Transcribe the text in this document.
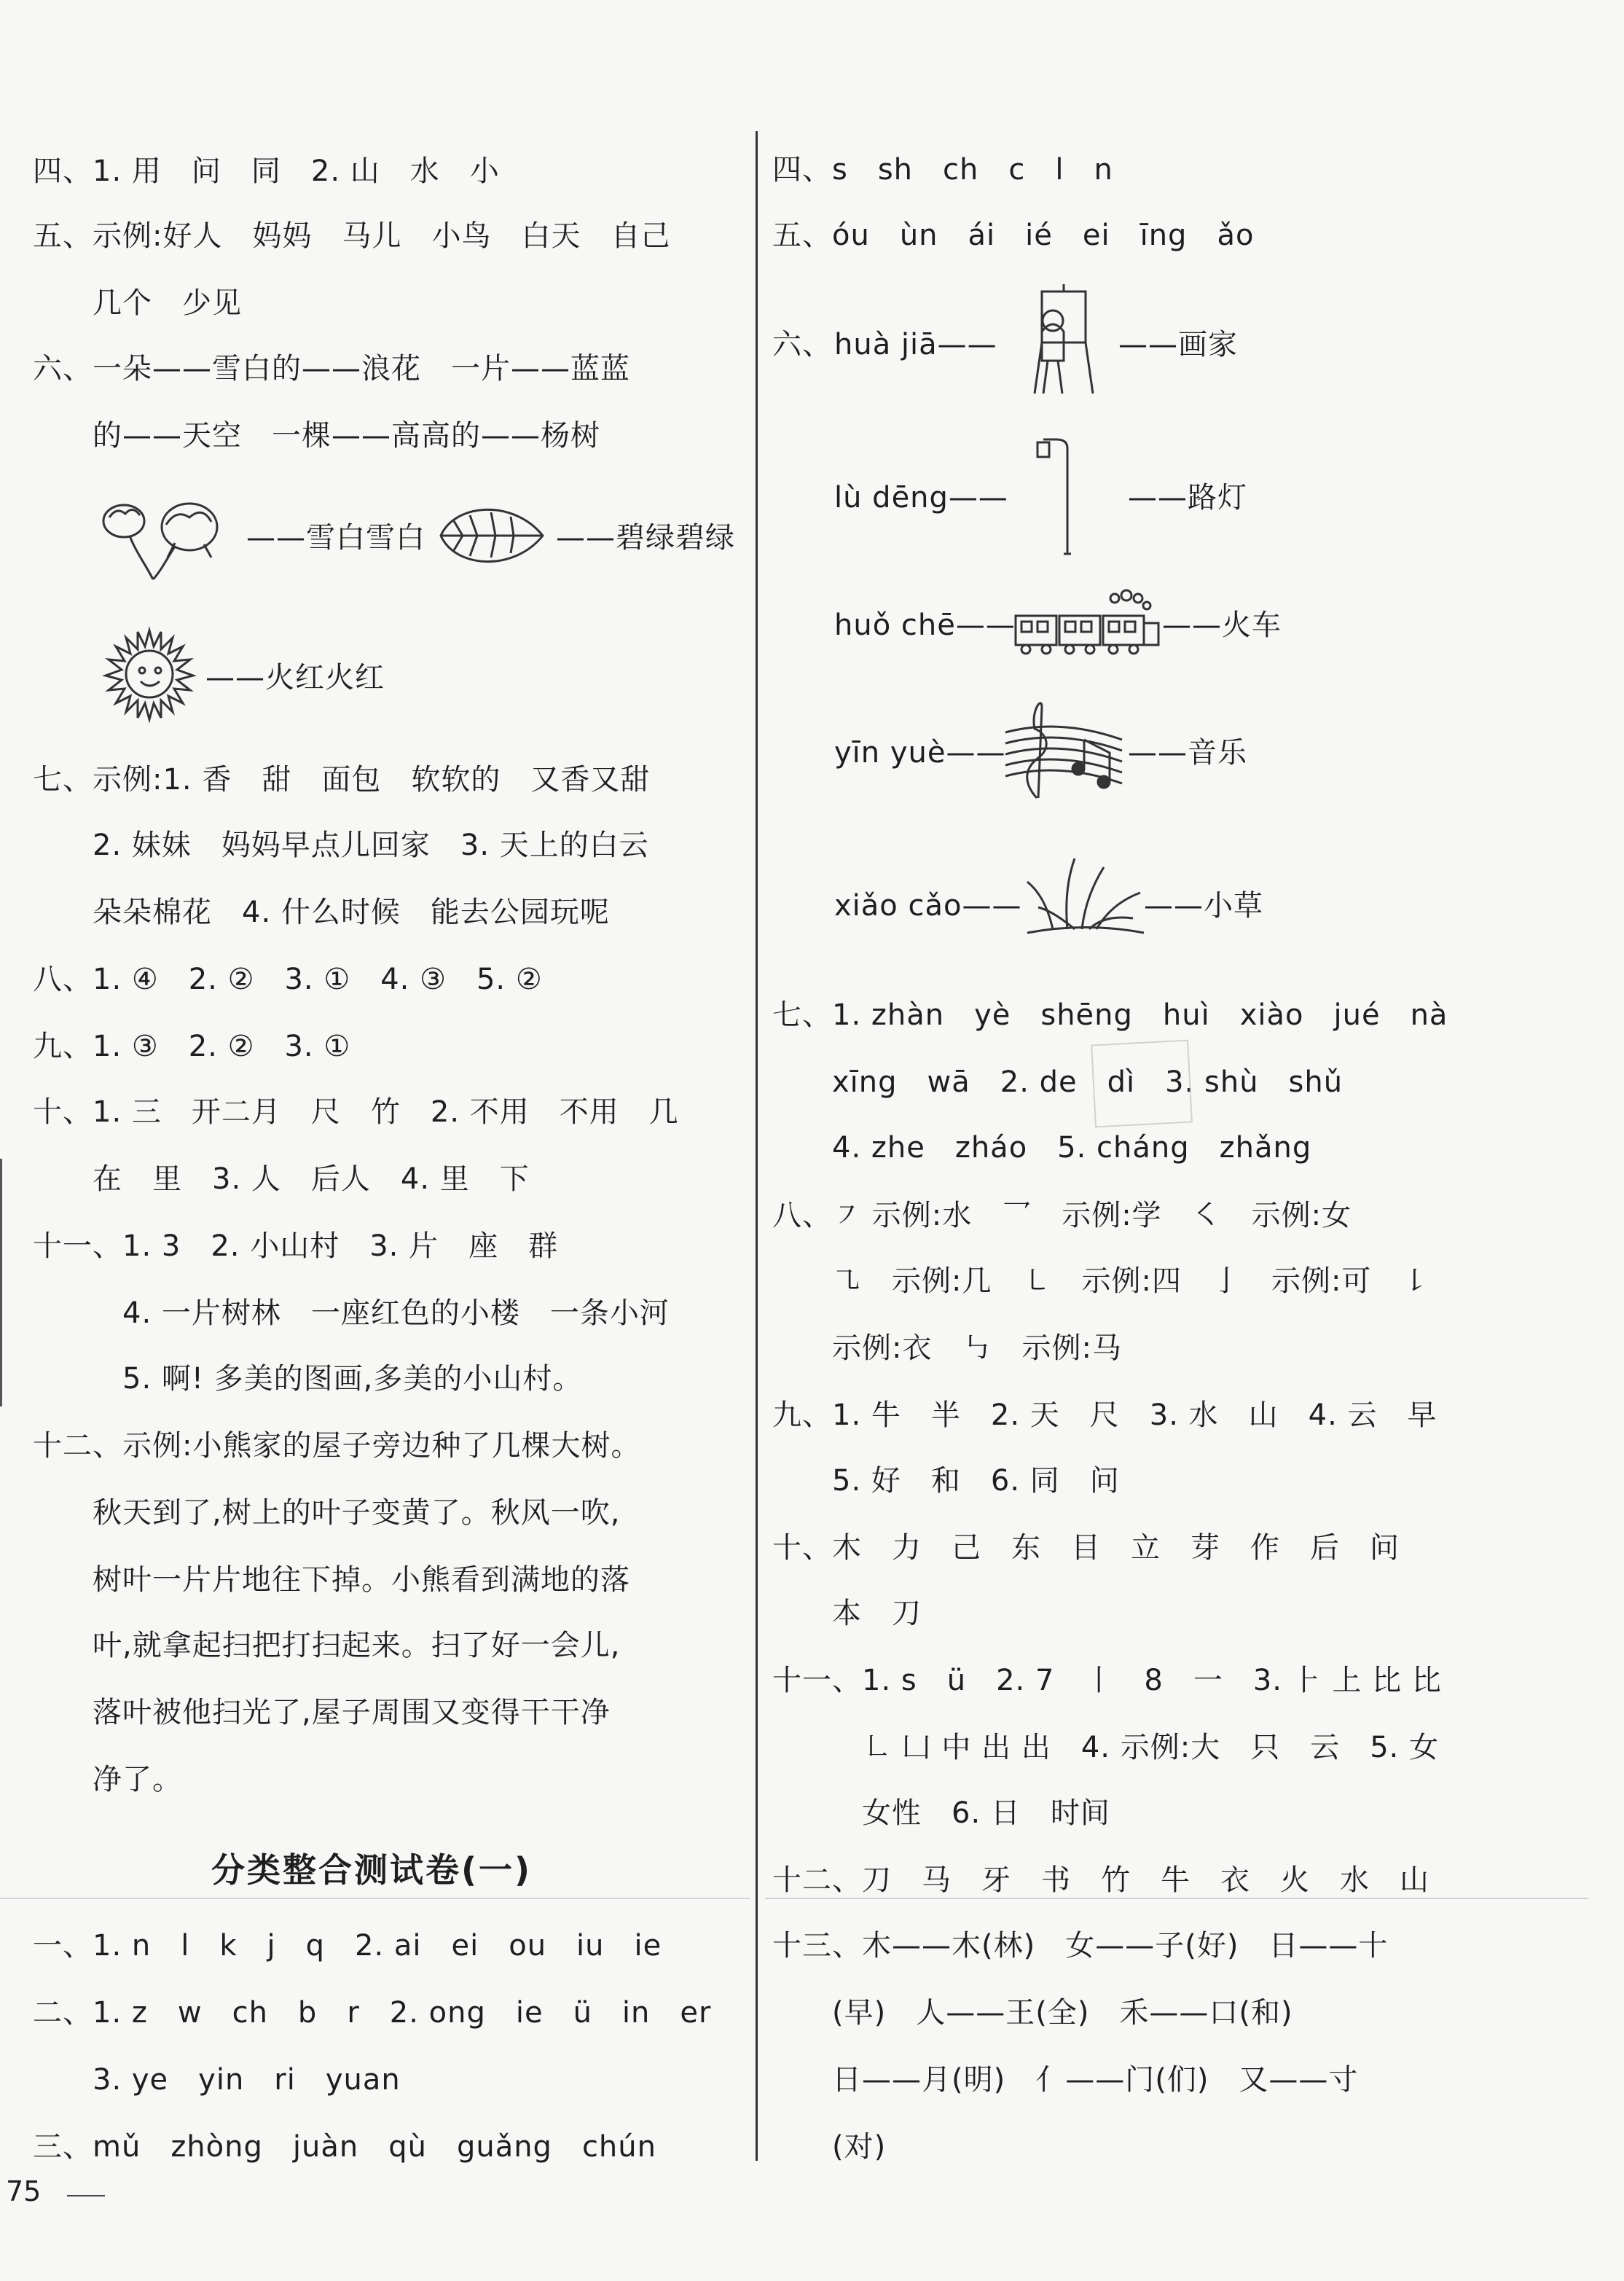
四、1. 用　问　同　2. 山　水　小
五、示例:好人　妈妈　马儿　小鸟　白天　自己
　　几个　少见
六、一朵——雪白的——浪花　一片——蓝蓝
　　的——天空　一棵——高高的——杨树
——雪白雪白	——碧绿碧绿
——火红火红
七、示例:1. 香　甜　面包　软软的　又香又甜
　　2. 妹妹　妈妈早点儿回家　3. 天上的白云
　　朵朵棉花　4. 什么时候　能去公园玩呢
八、1. ④　2. ②　3. ①　4. ③　5. ②
九、1. ③　2. ②　3. ①
十、1. 三　开二月　尺　竹　2. 不用　不用　几
　　在　里　3. 人　后人　4. 里　下
十一、1. 3　2. 小山村　3. 片　座　群
　　　4. 一片树林　一座红色的小楼　一条小河
　　　5. 啊! 多美的图画,多美的小山村。
十二、示例:小熊家的屋子旁边种了几棵大树。
　　秋天到了,树上的叶子变黄了。秋风一吹,
　　树叶一片片地往下掉。小熊看到满地的落
　　叶,就拿起扫把打扫起来。扫了好一会儿,
　　落叶被他扫光了,屋子周围又变得干干净
　　净了。
分类整合测试卷(一)
一、1. n　l　k　j　q　2. ai　ei　ou　iu　ie
二、1. z　w　ch　b　r　2. ong　ie　ü　in　er
　　3. ye　yin　ri　yuan
三、mǔ　zhòng　juàn　qù　guǎng　chún
四、s　sh　ch　c　l　n
五、óu　ùn　ái　ié　ei　īng　ǎo
六、 huà jiā——	——画家
lù dēng——	——路灯
huǒ chē——	——火车
yīn yuè——	——音乐
xiǎo cǎo——	——小草
七、1. zhàn　yè　shēng　huì　xiào　jué　nà
　　xīng　wā　2. de　dì　3. shù　shǔ
　　4. zhe　zháo　5. cháng　zhǎng
八、㇇ 示例:水　乛　示例:学　㇛　示例:女
　　㇈　示例:几　㇄　示例:四　亅　示例:可　㇙
　　示例:衣　㇉　示例:马
九、1. 牛　半　2. 天　尺　3. 水　山　4. 云　早
　　5. 好　和　6. 同　问
十、木　力　己　东　目　立　芽　作　后　问
　　本　刀
十一、1. s　ü　2. 7　丨　8　一　3. ⺊ 上 比 比
　　　㇗ 凵 中 出 出　4. 示例:大　只　云　5. 女
　　　女性　6. 日　时间
十二、刀　马　牙　书　竹　牛　衣　火　水　山
十三、木——木(林)　女——子(好)　日——十
　　(早)　人——王(全)　禾——口(和)
　　日——月(明)　亻——门(们)　又——寸
　　(对)
75
